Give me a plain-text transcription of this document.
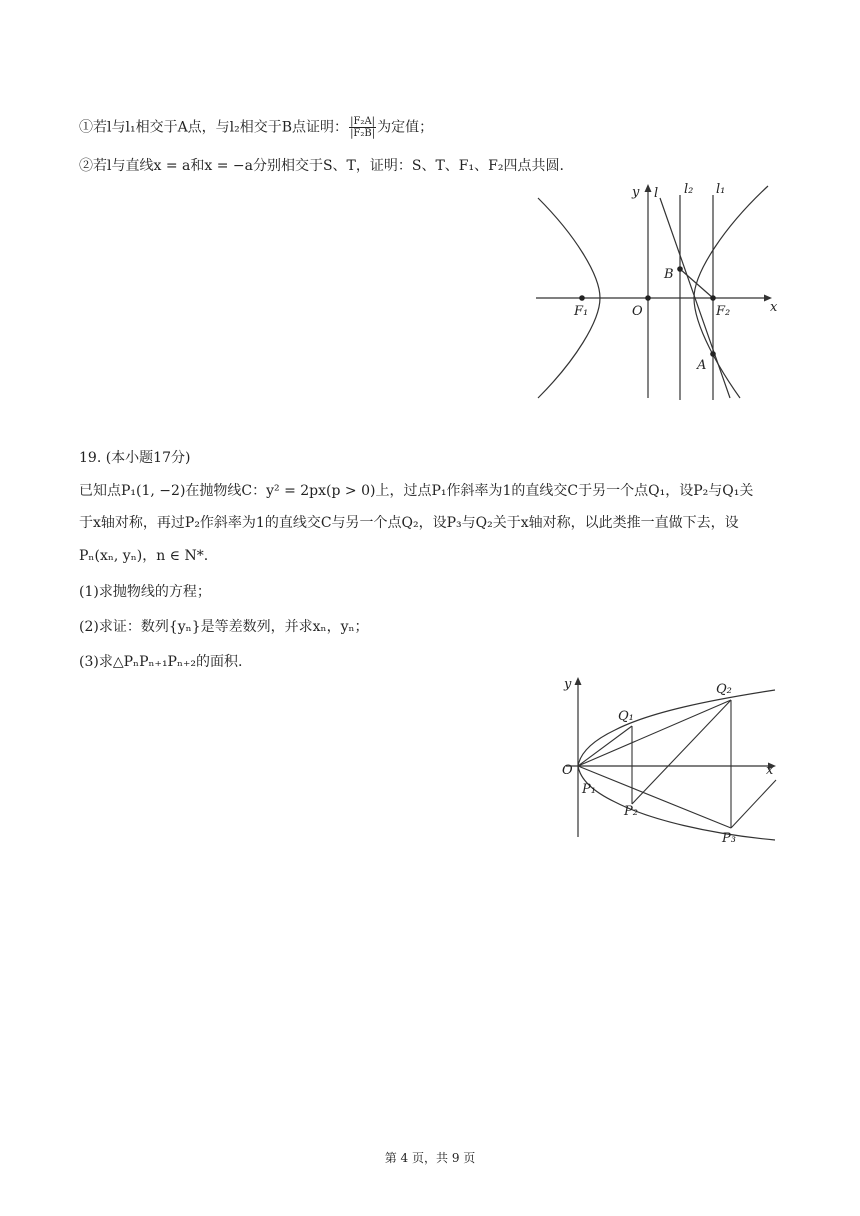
①若l与l₁相交于A点，与l₂相交于B点证明： $\frac{\text{|F₂A|}}{\text{|F₂B|}}$ 为定值；
②若l与直线x = a和x = −a分别相交于S、T，证明：S、T、F₁、F₂四点共圆.
y
x
l l₂ l₁
B
O
F₁	F₂
A
19. (本小题17分)
已知点P₁(1, −2)在抛物线C：y² = 2px(p > 0)上，过点P₁作斜率为1的直线交C于另一个点Q₁，设P₂与Q₁关
于x轴对称，再过P₂作斜率为1的直线交C与另一个点Q₂，设P₃与Q₂关于x轴对称，以此类推一直做下去，设
Pₙ(xₙ, yₙ)，n ∈ N*.
(1)求抛物线的方程；
(2)求证：数列{yₙ}是等差数列，并求xₙ，yₙ；
(3)求△PₙPₙ₊₁Pₙ₊₂的面积.
y
x
O
Q₁
Q₂
P₁
P₂
P₃
第 4 页，共 9 页
